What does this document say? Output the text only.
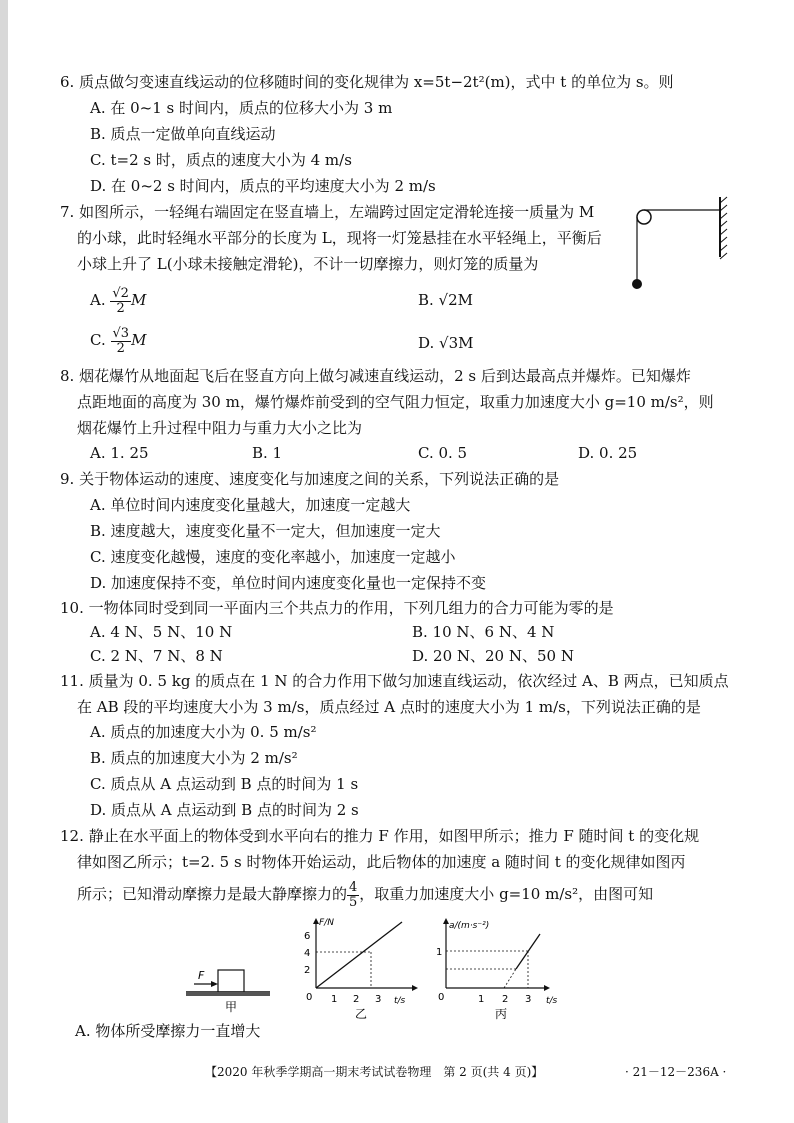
6. 质点做匀变速直线运动的位移随时间的变化规律为 x=5t−2t²(m)，式中 t 的单位为 s。则
A. 在 0~1 s 时间内，质点的位移大小为 3 m
B. 质点一定做单向直线运动
C. t=2 s 时，质点的速度大小为 4 m/s
D. 在 0~2 s 时间内，质点的平均速度大小为 2 m/s
7. 如图所示，一轻绳右端固定在竖直墙上，左端跨过固定定滑轮连接一质量为 M
的小球，此时轻绳水平部分的长度为 L，现将一灯笼悬挂在水平轻绳上，平衡后
小球上升了 L(小球未接触定滑轮)，不计一切摩擦力，则灯笼的质量为
A. $\frac{√2}{2}$ M	B. √2M
C. $\frac{√3}{2}$ M	D. √3M
8. 烟花爆竹从地面起飞后在竖直方向上做匀减速直线运动，2 s 后到达最高点并爆炸。已知爆炸
点距地面的高度为 30 m，爆竹爆炸前受到的空气阻力恒定，取重力加速度大小 g=10 m/s²，则
烟花爆竹上升过程中阻力与重力大小之比为
A. 1. 25	B. 1	C. 0. 5	D. 0. 25
9. 关于物体运动的速度、速度变化与加速度之间的关系，下列说法正确的是
A. 单位时间内速度变化量越大，加速度一定越大
B. 速度越大，速度变化量不一定大，但加速度一定大
C. 速度变化越慢，速度的变化率越小，加速度一定越小
D. 加速度保持不变，单位时间内速度变化量也一定保持不变
10. 一物体同时受到同一平面内三个共点力的作用，下列几组力的合力可能为零的是
A. 4 N、5 N、10 N	B. 10 N、6 N、4 N
C. 2 N、7 N、8 N	D. 20 N、20 N、50 N
11. 质量为 0. 5 kg 的质点在 1 N 的合力作用下做匀加速直线运动，依次经过 A、B 两点，已知质点
在 AB 段的平均速度大小为 3 m/s，质点经过 A 点时的速度大小为 1 m/s，下列说法正确的是
A. 质点的加速度大小为 0. 5 m/s²
B. 质点的加速度大小为 2 m/s²
C. 质点从 A 点运动到 B 点的时间为 1 s
D. 质点从 A 点运动到 B 点的时间为 2 s
12. 静止在水平面上的物体受到水平向右的推力 F 作用，如图甲所示；推力 F 随时间 t 的变化规
律如图乙所示；t=2. 5 s 时物体开始运动，此后物体的加速度 a 随时间 t 的变化规律如图丙
所示；已知滑动摩擦力是最大静摩擦力的 $\frac{4}{5}$ ，取重力加速度大小 g=10 m/s²，由图可知
F
甲
F/N
t/s
6
4
2
0 1 2 3
乙
a/(m·s⁻²)
t/s
1
0	1 2 3
丙
A. 物体所受摩擦力一直增大
【2020 年秋季学期高一期末考试试卷物理　第 2 页(共 4 页)】	· 21－12－236A ·
